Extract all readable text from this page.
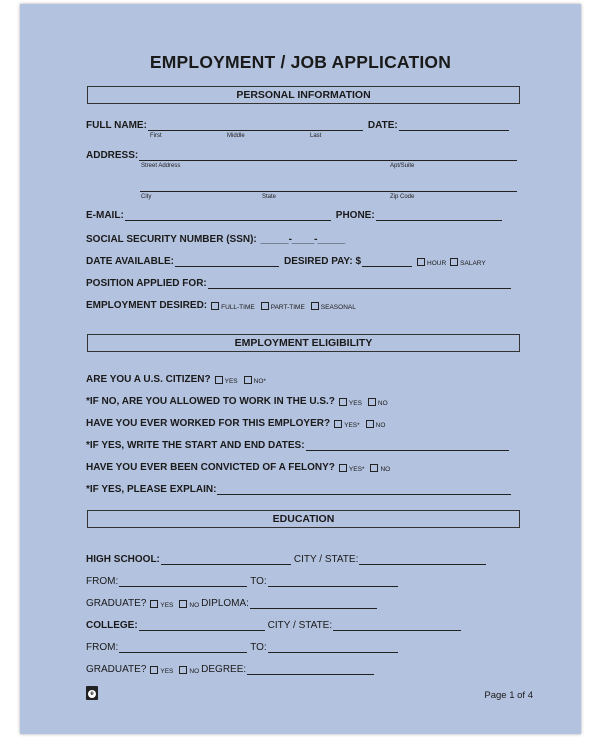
EMPLOYMENT / JOB APPLICATION
PERSONAL INFORMATION
FULL NAME:	DATE:
First	Middle	Last
ADDRESS:
Street Address	Apt/Suite
City	State	Zip Code
E-MAIL:	PHONE:
SOCIAL SECURITY NUMBER (SSN): _____-____-_____
DATE AVAILABLE:	DESIRED PAY: $	HOUR SALARY
POSITION APPLIED FOR:
EMPLOYMENT DESIRED: FULL-TIME PART-TIME SEASONAL
EMPLOYMENT ELIGIBILITY
ARE YOU A U.S. CITIZEN? YES NO*
*IF NO, ARE YOU ALLOWED TO WORK IN THE U.S.? YES NO
HAVE YOU EVER WORKED FOR THIS EMPLOYER? YES* NO
*IF YES, WRITE THE START AND END DATES:
HAVE YOU EVER BEEN CONVICTED OF A FELONY? YES* NO
*IF YES, PLEASE EXPLAIN:
EDUCATION
HIGH SCHOOL:	CITY / STATE:
FROM:	TO:
GRADUATE? YES NO DIPLOMA:
COLLEGE:	CITY / STATE:
FROM:	TO:
GRADUATE? YES NO DEGREE:
e	Page 1 of 4
